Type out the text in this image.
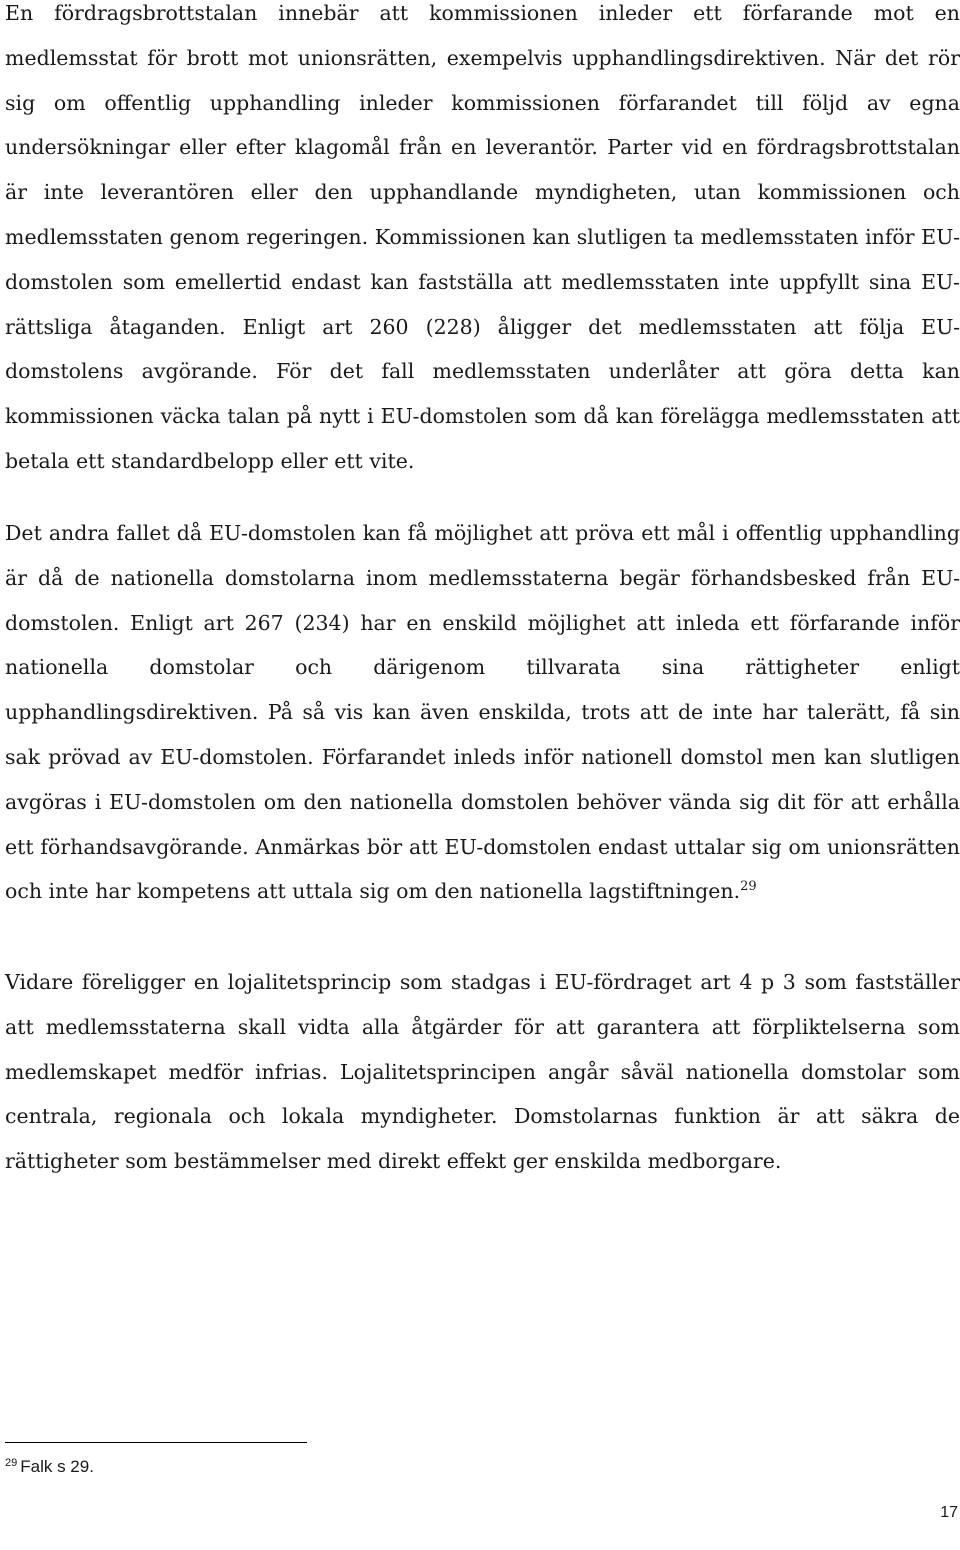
En fördragsbrottstalan innebär att kommissionen inleder ett förfarande mot en medlemsstat för brott mot unionsrätten, exempelvis upphandlingsdirektiven. När det rör sig om offentlig upphandling inleder kommissionen förfarandet till följd av egna undersökningar eller efter klagomål från en leverantör. Parter vid en fördragsbrottstalan är inte leverantören eller den upphandlande myndigheten, utan kommissionen och medlemsstaten genom regeringen. Kommissionen kan slutligen ta medlemsstaten inför EU-domstolen som emellertid endast kan fastställa att medlemsstaten inte uppfyllt sina EU-rättsliga åtaganden. Enligt art 260 (228) åligger det medlemsstaten att följa EU-domstolens avgörande. För det fall medlemsstaten underlåter att göra detta kan kommissionen väcka talan på nytt i EU-domstolen som då kan förelägga medlemsstaten att betala ett standardbelopp eller ett vite.

Det andra fallet då EU-domstolen kan få möjlighet att pröva ett mål i offentlig upphandling är då de nationella domstolarna inom medlemsstaterna begär förhandsbesked från EU-domstolen. Enligt art 267 (234) har en enskild möjlighet att inleda ett förfarande inför nationella domstolar och därigenom tillvarata sina rättigheter enligt upphandlingsdirektiven. På så vis kan även enskilda, trots att de inte har talerätt, få sin sak prövad av EU-domstolen. Förfarandet inleds inför nationell domstol men kan slutligen avgöras i EU-domstolen om den nationella domstolen behöver vända sig dit för att erhålla ett förhandsavgörande. Anmärkas bör att EU-domstolen endast uttalar sig om unionsrätten och inte har kompetens att uttala sig om den nationella lagstiftningen.$^{29}$

Vidare föreligger en lojalitetsprincip som stadgas i EU-fördraget art 4 p 3 som fastställer att medlemsstaterna skall vidta alla åtgärder för att garantera att förpliktelserna som medlemskapet medför infrias. Lojalitetsprincipen angår såväl nationella domstolar som centrala, regionala och lokala myndigheter. Domstolarnas funktion är att säkra de rättigheter som bestämmelser med direkt effekt ger enskilda medborgare.

$^{29}$ Falk s 29.
17
